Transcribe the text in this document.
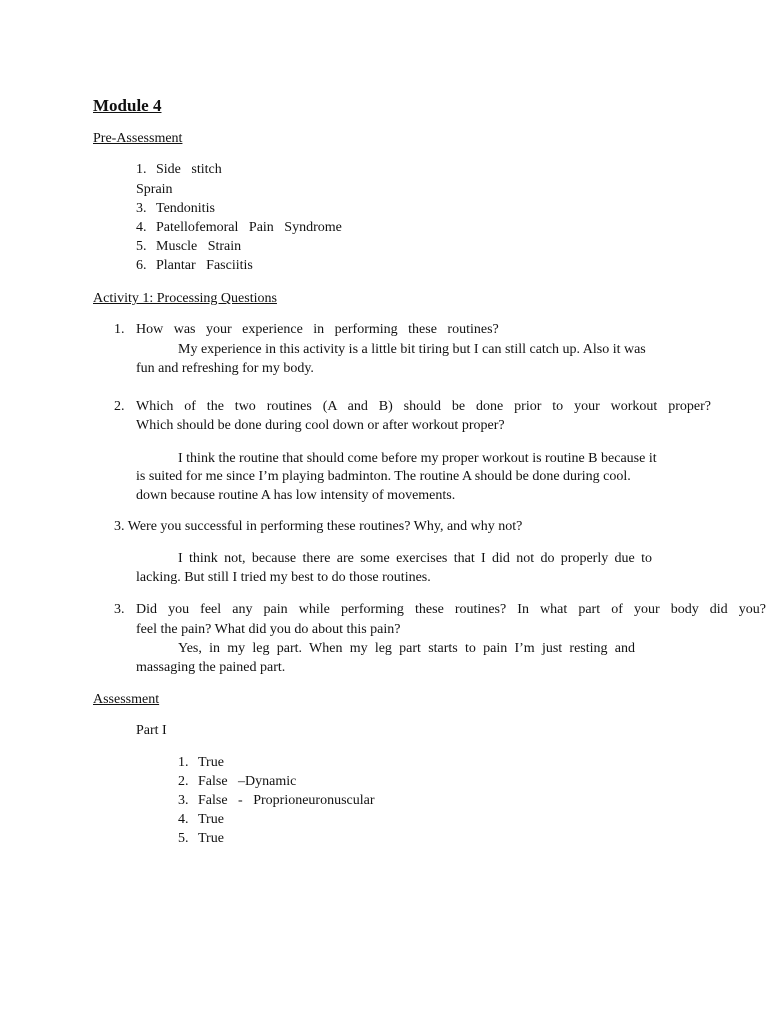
Module 4
Pre-Assessment
1. Side   stitch
Sprain
3. Tendonitis
4. Patellofemoral   Pain   Syndrome
5. Muscle   Strain
6. Plantar   Fasciitis
Activity 1: Processing Questions
1. How   was   your   experience   in   performing   these   routines?
My experience in this activity is a little bit tiring but I can still catch up. Also it was
fun and refreshing for my body.
2. Which of the two routines (A and B) should be done prior to your workout proper?
Which should be done during cool down or after workout proper?
I think the routine that should come before my proper workout is routine B because it
is suited for me since I’m playing badminton. The routine A should be done during cool.
down because routine A has low intensity of movements.
3. Were you successful in performing these routines? Why, and why not?
I think not, because there are some exercises that I did not do properly due to
lacking. But still I tried my best to do those routines.
3. Did you feel any pain while performing these routines? In what part of your body did you?
feel the pain? What did you do about this pain?
Yes, in my leg part. When my leg part starts to pain I’m just resting and
massaging the pained part.
Assessment
Part I
1. True
2. False   –Dynamic
3. False   -   Proprioneuronuscular
4. True
5. True
